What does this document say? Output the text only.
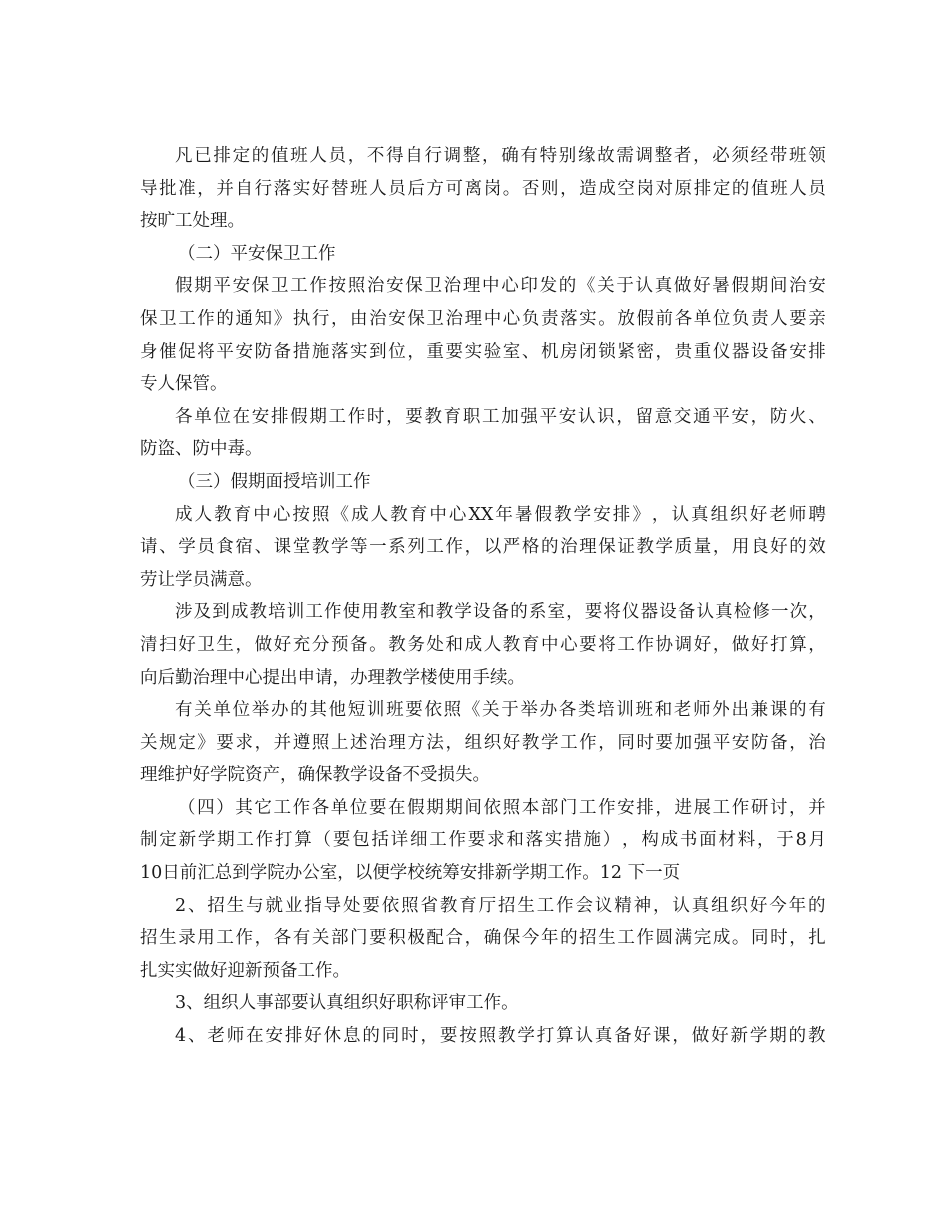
凡 已 排 定 的 值 班 人 员 ， 不 得 自 行 调 整 ， 确 有 特 别 缘 故 需 调 整 者 ， 必 须 经 带 班 领
导 批 准 ， 并 自 行 落 实 好 替 班 人 员 后 方 可 离 岗 。 否 则 ， 造 成 空 岗 对 原 排 定 的 值 班 人 员
按旷工处理。
（二）平安保卫工作
假 期 平 安 保 卫 工 作 按 照 治 安 保 卫 治 理 中 心 印 发 的 《 关 于 认 真 做 好 暑 假 期 间 治 安
保 卫 工 作 的 通 知 》 执 行 ， 由 治 安 保 卫 治 理 中 心 负 责 落 实 。 放 假 前 各 单 位 负 责 人 要 亲
身 催 促 将 平 安 防 备 措 施 落 实 到 位 ， 重 要 实 验 室 、 机 房 闭 锁 紧 密 ， 贵 重 仪 器 设 备 安 排
专人保管。
各 单 位 在 安 排 假 期 工 作 时 ， 要 教 育 职 工 加 强 平 安 认 识 ， 留 意 交 通 平 安 ， 防 火 、
防盗、防中毒。
（三）假期面授培训工作
成 人 教 育 中 心 按 照 《 成 人 教 育 中 心 XX 年 暑 假 教 学 安 排 》 ， 认 真 组 织 好 老 师 聘
请 、 学 员 食 宿 、 课 堂 教 学 等 一 系 列 工 作 ， 以 严 格 的 治 理 保 证 教 学 质 量 ， 用 良 好 的 效
劳让学员满意。
涉 及 到 成 教 培 训 工 作 使 用 教 室 和 教 学 设 备 的 系 室 ， 要 将 仪 器 设 备 认 真 检 修 一 次 ，
清 扫 好 卫 生 ， 做 好 充 分 预 备 。 教 务 处 和 成 人 教 育 中 心 要 将 工 作 协 调 好 ， 做 好 打 算 ，
向后勤治理中心提出申请，办理教学楼使用手续。
有 关 单 位 举 办 的 其 他 短 训 班 要 依 照 《 关 于 举 办 各 类 培 训 班 和 老 师 外 出 兼 课 的 有
关 规 定 》 要 求 ， 并 遵 照 上 述 治 理 方 法 ， 组 织 好 教 学 工 作 ， 同 时 要 加 强 平 安 防 备 ， 治
理维护好学院资产，确保教学设备不受损失。
（ 四 ） 其 它 工 作 各 单 位 要 在 假 期 期 间 依 照 本 部 门 工 作 安 排 ， 进 展 工 作 研 讨 ， 并
制 定 新 学 期 工 作 打 算 （ 要 包 括 详 细 工 作 要 求 和 落 实 措 施 ） ， 构 成 书 面 材 料 ， 于 8 月
10日前汇总到学院办公室，以便学校统筹安排新学期工作。12 下一页
2 、 招 生 与 就 业 指 导 处 要 依 照 省 教 育 厅 招 生 工 作 会 议 精 神 ， 认 真 组 织 好 今 年 的
招 生 录 用 工 作 ， 各 有 关 部 门 要 积 极 配 合 ， 确 保 今 年 的 招 生 工 作 圆 满 完 成 。 同 时 ， 扎
扎实实做好迎新预备工作。
3、组织人事部要认真组织好职称评审工作。
4 、 老 师 在 安 排 好 休 息 的 同 时 ， 要 按 照 教 学 打 算 认 真 备 好 课 ， 做 好 新 学 期 的 教
